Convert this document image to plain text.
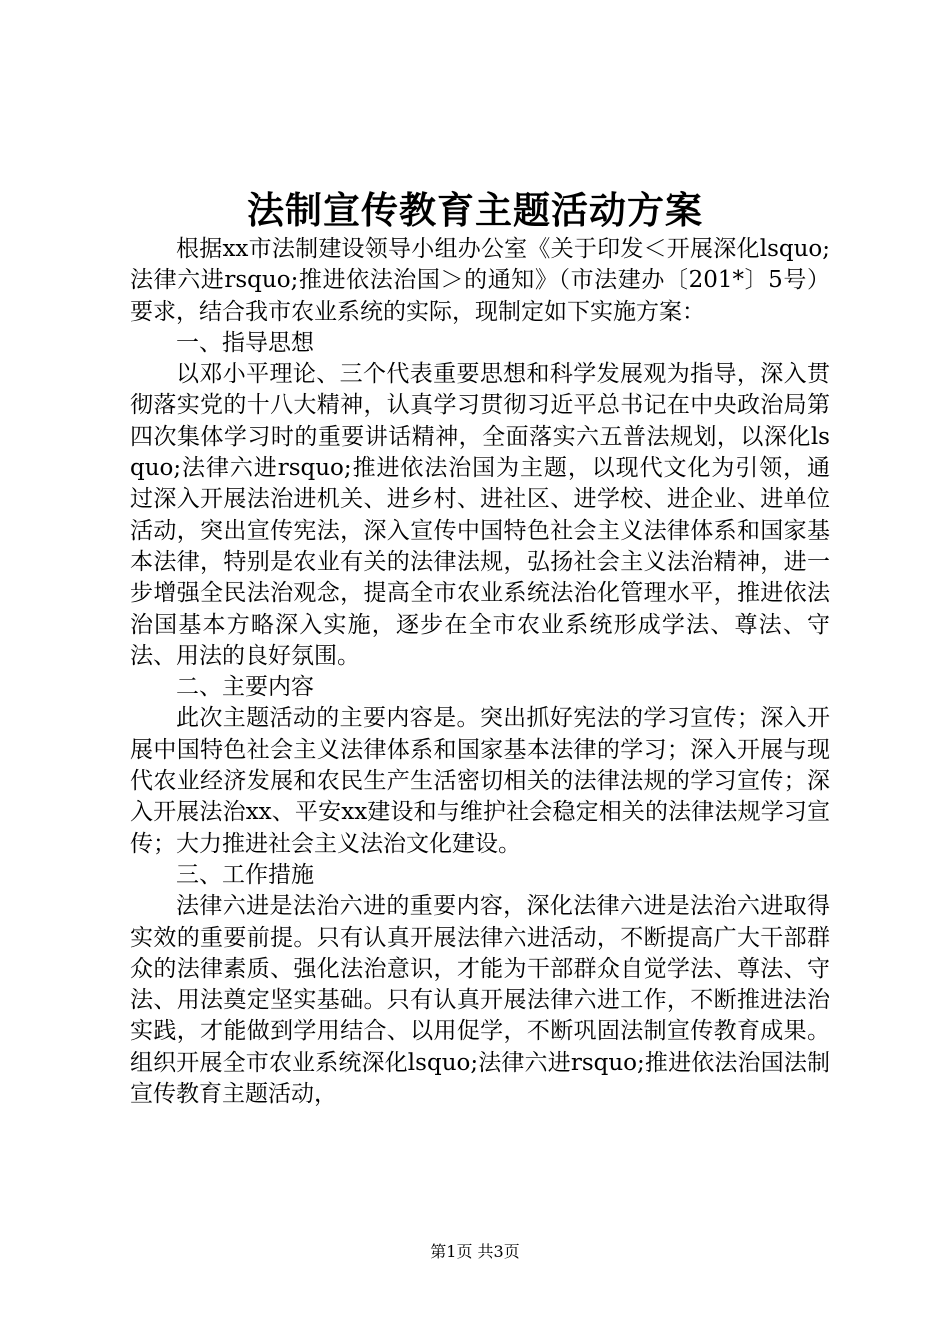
法制宣传教育主题活动方案

根据xx市法制建设领导小组办公室《关于印发＜开展深化lsquo;法律六进rsquo;推进依法治国＞的通知》（市法建办〔201*〕5号）要求，结合我市农业系统的实际，现制定如下实施方案：

一、指导思想

以邓小平理论、三个代表重要思想和科学发展观为指导，深入贯彻落实党的十八大精神，认真学习贯彻习近平总书记在中央政治局第四次集体学习时的重要讲话精神，全面落实六五普法规划，以深化lsquo;法律六进rsquo;推进依法治国为主题，以现代文化为引领，通过深入开展法治进机关、进乡村、进社区、进学校、进企业、进单位活动，突出宣传宪法，深入宣传中国特色社会主义法律体系和国家基本法律，特别是农业有关的法律法规，弘扬社会主义法治精神，进一步增强全民法治观念，提高全市农业系统法治化管理水平，推进依法治国基本方略深入实施，逐步在全市农业系统形成学法、尊法、守法、用法的良好氛围。

二、主要内容

此次主题活动的主要内容是。突出抓好宪法的学习宣传；深入开展中国特色社会主义法律体系和国家基本法律的学习；深入开展与现代农业经济发展和农民生产生活密切相关的法律法规的学习宣传；深入开展法治xx、平安xx建设和与维护社会稳定相关的法律法规学习宣传；大力推进社会主义法治文化建设。

三、工作措施

法律六进是法治六进的重要内容，深化法律六进是法治六进取得实效的重要前提。只有认真开展法律六进活动，不断提高广大干部群众的法律素质、强化法治意识，才能为干部群众自觉学法、尊法、守法、用法奠定坚实基础。只有认真开展法律六进工作，不断推进法治实践，才能做到学用结合、以用促学，不断巩固法制宣传教育成果。组织开展全市农业系统深化lsquo;法律六进rsquo;推进依法治国法制宣传教育主题活动，

第1页 共3页
